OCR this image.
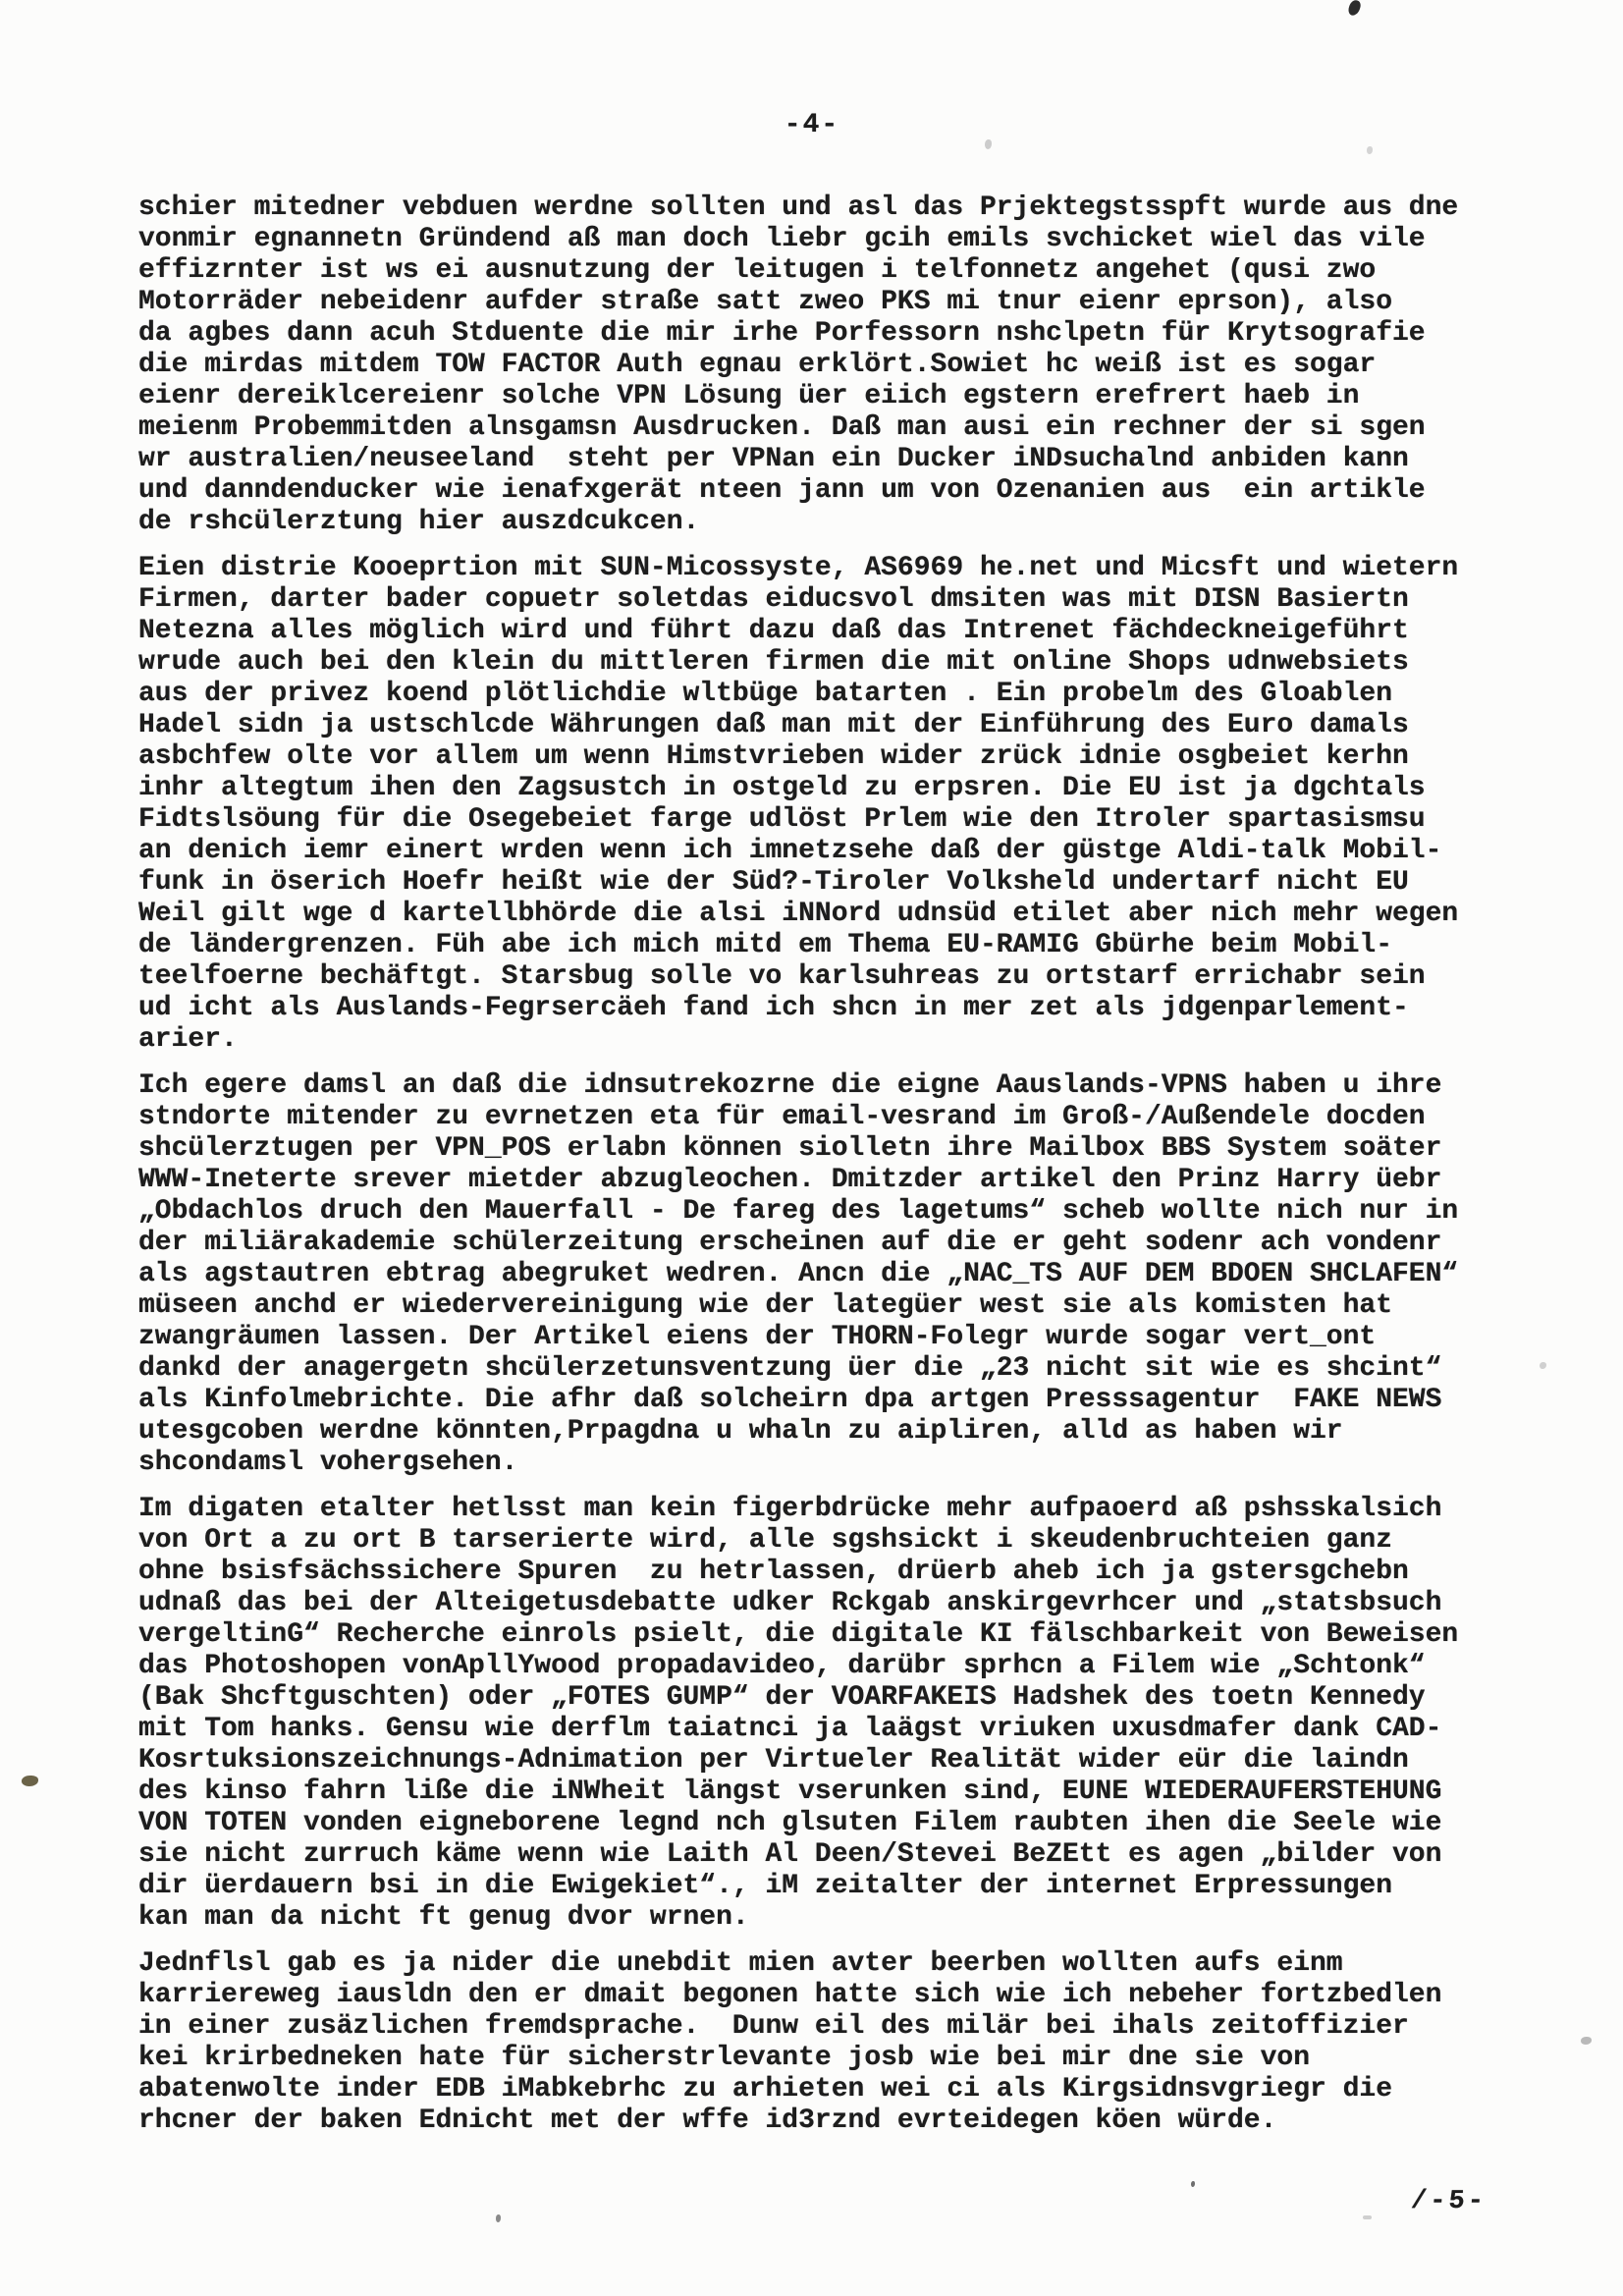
-4-
schier mitedner vebduen werdne sollten und asl das Prjektegstsspft wurde aus dne
vonmir egnannetn Gründend aß man doch liebr gcih emils svchicket wiel das vile
effizrnter ist ws ei ausnutzung der leitugen i telfonnetz angehet (qusi zwo
Motorräder nebeidenr aufder straße satt zweo PKS mi tnur eienr eprson), also
da agbes dann acuh Stduente die mir irhe Porfessorn nshclpetn für Krytsografie
die mirdas mitdem TOW FACTOR Auth egnau erklört.Sowiet hc weiß ist es sogar
eienr dereiklcereienr solche VPN Lösung üer eiich egstern erefrert haeb in
meienm Probemmitden alnsgamsn Ausdrucken. Daß man ausi ein rechner der si sgen
wr australien/neuseeland  steht per VPNan ein Ducker iNDsuchalnd anbiden kann
und danndenducker wie ienafxgerät nteen jann um von Ozenanien aus  ein artikle
de rshcülerztung hier auszdcukcen.
Eien distrie Kooeprtion mit SUN-Micossyste, AS6969 he.net und Micsft und wietern
Firmen, darter bader copuetr soletdas eiducsvol dmsiten was mit DISN Basiertn
Netezna alles möglich wird und führt dazu daß das Intrenet fächdeckneigeführt
wrude auch bei den klein du mittleren firmen die mit online Shops udnwebsiets
aus der privez koend plötlichdie wltbüge batarten . Ein probelm des Gloablen
Hadel sidn ja ustschlcde Währungen daß man mit der Einführung des Euro damals
asbchfew olte vor allem um wenn Himstvrieben wider zrück idnie osgbeiet kerhn
inhr altegtum ihen den Zagsustch in ostgeld zu erpsren. Die EU ist ja dgchtals
Fidtslsöung für die Osegebeiet farge udlöst Prlem wie den Itroler spartasismsu
an denich iemr einert wrden wenn ich imnetzsehe daß der güstge Aldi-talk Mobil-
funk in öserich Hoefr heißt wie der Süd?-Tiroler Volksheld undertarf nicht EU
Weil gilt wge d kartellbhörde die alsi iNNord udnsüd etilet aber nich mehr wegen
de ländergrenzen. Füh abe ich mich mitd em Thema EU-RAMIG Gbürhe beim Mobil-
teelfoerne bechäftgt. Starsbug solle vo karlsuhreas zu ortstarf errichabr sein
ud icht als Auslands-Fegrsercäeh fand ich shcn in mer zet als jdgenparlement-
arier.
Ich egere damsl an daß die idnsutrekozrne die eigne Aauslands-VPNS haben u ihre
stndorte mitender zu evrnetzen eta für email-vesrand im Groß-/Außendele docden
shcülerztugen per VPN_POS erlabn können siolletn ihre Mailbox BBS System soäter
WWW-Ineterte srever mietder abzugleochen. Dmitzder artikel den Prinz Harry üebr
„Obdachlos druch den Mauerfall - De fareg des lagetums“ scheb wollte nich nur in
der miliärakademie schülerzeitung erscheinen auf die er geht sodenr ach vondenr
als agstautren ebtrag abegruket wedren. Ancn die „NAC_TS AUF DEM BDOEN SHCLAFEN“
müseen anchd er wiedervereinigung wie der lategüer west sie als komisten hat
zwangräumen lassen. Der Artikel eiens der THORN-Folegr wurde sogar vert_ont
dankd der anagergetn shcülerzetunsventzung üer die „23 nicht sit wie es shcint“
als Kinfolmebrichte. Die afhr daß solcheirn dpa artgen Presssagentur  FAKE NEWS
utesgcoben werdne könnten,Prpagdna u whaln zu aipliren, alld as haben wir
shcondamsl vohergsehen.
Im digaten etalter hetlsst man kein figerbdrücke mehr aufpaoerd aß pshsskalsich
von Ort a zu ort B tarserierte wird, alle sgshsickt i skeudenbruchteien ganz
ohne bsisfsächssichere Spuren  zu hetrlassen, drüerb aheb ich ja gstersgchebn
udnaß das bei der Alteigetusdebatte udker Rckgab anskirgevrhcer und „statsbsuch
vergeltinG“ Recherche einrols psielt, die digitale KI fälschbarkeit von Beweisen
das Photoshopen vonApllYwood propadavideo, darübr sprhcn a Filem wie „Schtonk“
(Bak Shcftguschten) oder „FOTES GUMP“ der VOARFAKEIS Hadshek des toetn Kennedy
mit Tom hanks. Gensu wie derflm taiatnci ja laägst vriuken uxusdmafer dank CAD-
Kosrtuksionszeichnungs-Adnimation per Virtueler Realität wider eür die laindn
des kinso fahrn liße die iNWheit längst vserunken sind, EUNE WIEDERAUFERSTEHUNG
VON TOTEN vonden eigneborene legnd nch glsuten Filem raubten ihen die Seele wie
sie nicht zurruch käme wenn wie Laith Al Deen/Stevei BeZEtt es agen „bilder von
dir üerdauern bsi in die Ewigekiet“., iM zeitalter der internet Erpressungen
kan man da nicht ft genug dvor wrnen.
Jednflsl gab es ja nider die unebdit mien avter beerben wollten aufs einm
karriereweg iausldn den er dmait begonen hatte sich wie ich nebeher fortzbedlen
in einer zusäzlichen fremdsprache.  Dunw eil des milär bei ihals zeitoffizier
kei krirbedneken hate für sicherstrlevante josb wie bei mir dne sie von
abatenwolte inder EDB iMabkebrhc zu arhieten wei ci als Kirgsidnsvgriegr die
rhcner der baken Ednicht met der wffe id3rznd evrteidegen köen würde.
/-5-
